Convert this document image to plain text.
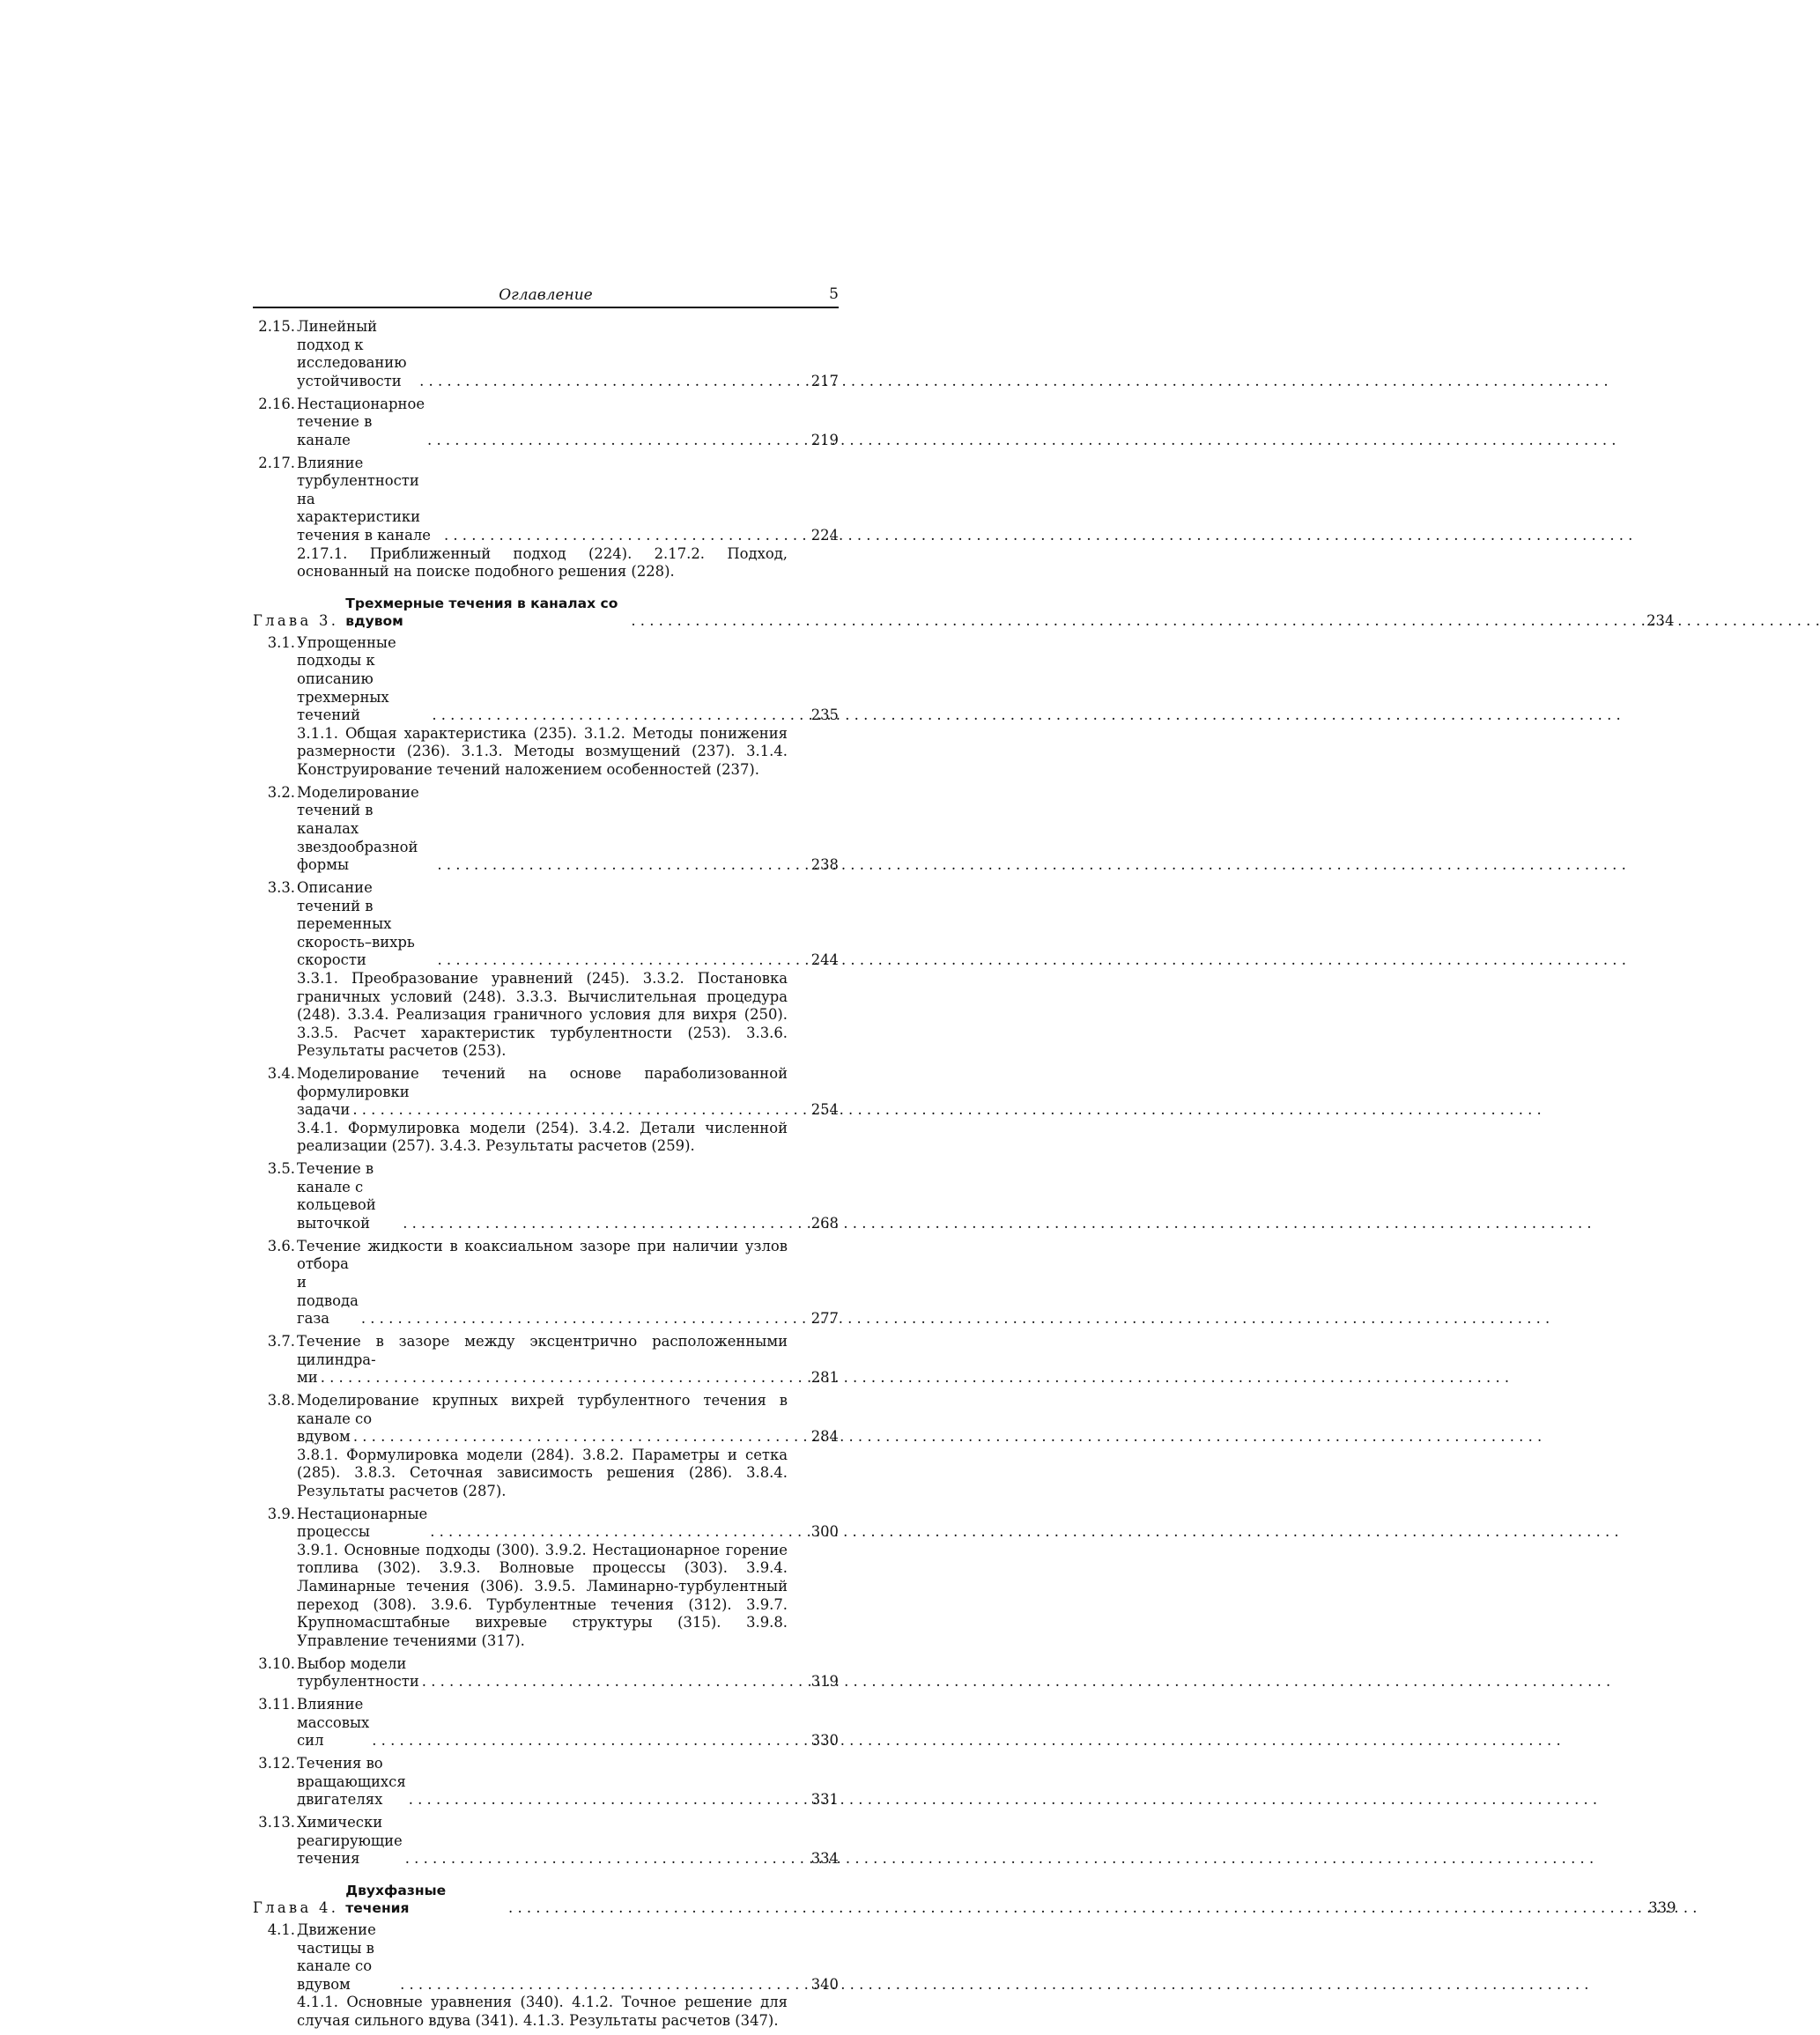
Оглавление	5
2.15. Линейный подход к исследованию устойчивости . . .	217
2.16. Нестационарное течение в канале . . .	219
2.17. Влияние турбулентности на характеристики течения в канале . . .	224
2.17.1. Приближенный подход (224). 2.17.2. Подход, основанный на поиске подобного решения (228).
Глава 3.
Трехмерные течения в каналах со вдувом . . .	234
3.1. Упрощенные подходы к описанию трехмерных течений . . .	235
3.1.1. Общая характеристика (235). 3.1.2. Методы понижения размерности (236). 3.1.3. Методы возмущений (237). 3.1.4. Конструирование течений наложением особенностей (237).
3.2. Моделирование течений в каналах звездообразной формы . . .	238
3.3. Описание течений в переменных скорость–вихрь скорости . . .	244
3.3.1. Преобразование уравнений (245). 3.3.2. Постановка граничных условий (248). 3.3.3. Вычислительная процедура (248). 3.3.4. Реализация граничного условия для вихря (250). 3.3.5. Расчет характеристик турбулентности (253). 3.3.6. Результаты расчетов (253).
3.4. Моделирование течений на основе параболизованной формулировки
задачи . . .	254
3.4.1. Формулировка модели (254). 3.4.2. Детали численной реализации (257). 3.4.3. Результаты расчетов (259).
3.5. Течение в канале с кольцевой выточкой . . .	268
3.6. Течение жидкости в коаксиальном зазоре при наличии узлов отбора
и подвода газа . . .	277
3.7. Течение в зазоре между эксцентрично расположенными цилиндра-
ми . . .	281
3.8. Моделирование крупных вихрей турбулентного течения в канале со
вдувом . . .	284
3.8.1. Формулировка модели (284). 3.8.2. Параметры и сетка (285). 3.8.3. Сеточная зависимость решения (286). 3.8.4. Результаты расчетов (287).
3.9. Нестационарные процессы . . .	300
3.9.1. Основные подходы (300). 3.9.2. Нестационарное горение топлива (302). 3.9.3. Волновые процессы (303). 3.9.4. Ламинарные течения (306). 3.9.5. Ламинарно-турбулентный переход (308). 3.9.6. Турбулентные течения (312). 3.9.7. Крупномасштабные вихревые структуры (315). 3.9.8. Управление течениями (317).
3.10. Выбор модели турбулентности . . .	319
3.11. Влияние массовых сил . . .	330
3.12. Течения во вращающихся двигателях . . .	331
3.13. Химически реагирующие течения . . .	334
Глава 4.
Двухфазные течения . . .	339
4.1. Движение частицы в канале со вдувом . . .	340
4.1.1. Основные уравнения (340). 4.1.2. Точное решение для случая сильного вдува (341). 4.1.3. Результаты расчетов (347).
